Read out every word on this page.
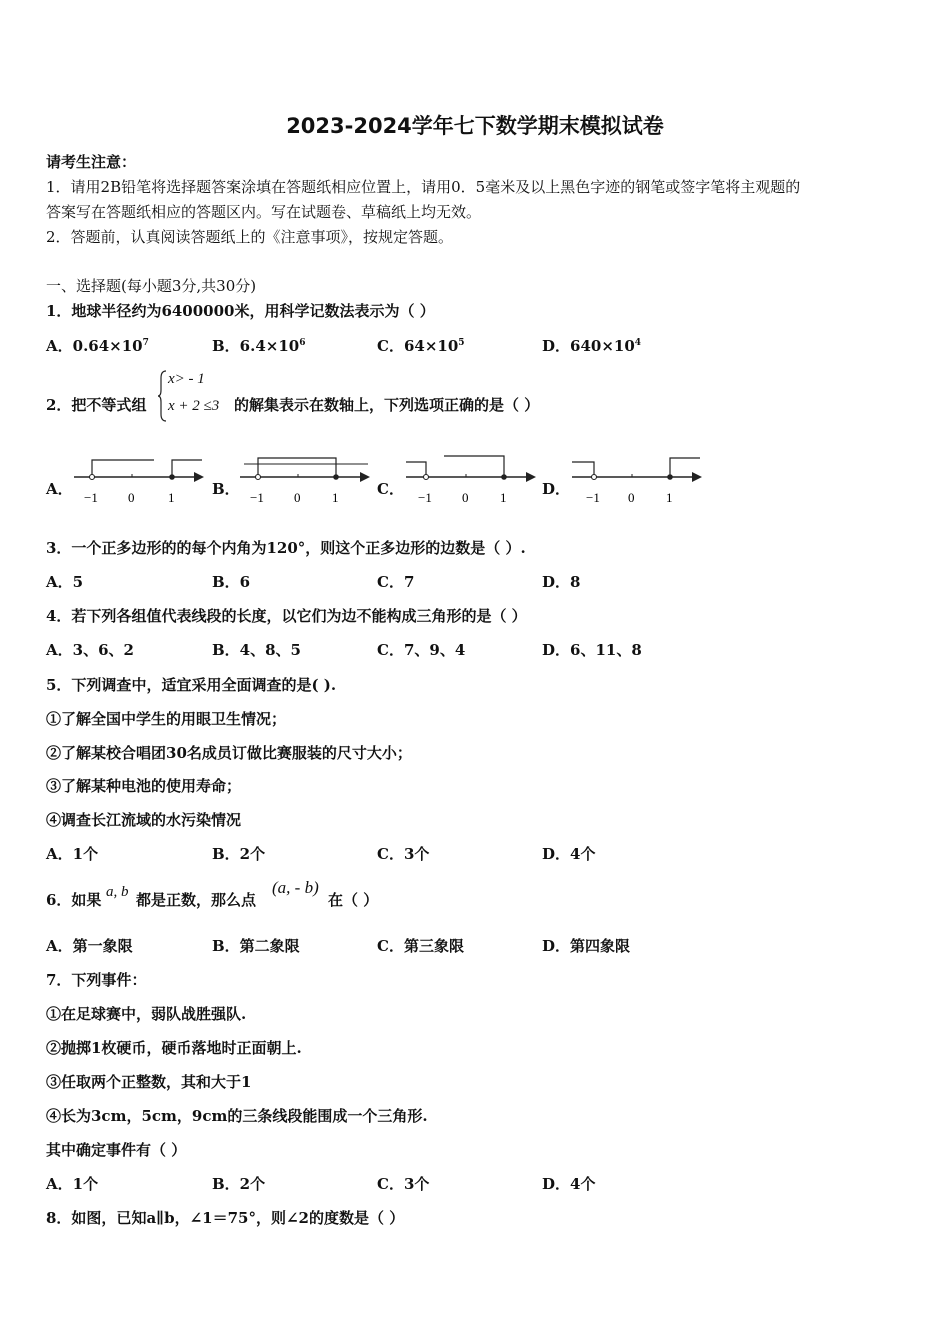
2023-2024学年七下数学期末模拟试卷
请考生注意：
1．请用2B铅笔将选择题答案涂填在答题纸相应位置上，请用0．5毫米及以上黑色字迹的钢笔或签字笔将主观题的
答案写在答题纸相应的答题区内。写在试题卷、草稿纸上均无效。
2．答题前，认真阅读答题纸上的《注意事项》，按规定答题。
一、选择题(每小题3分,共30分)
1．地球半径约为6400000米，用科学记数法表示为（ ）
A．$0.64\times 10^7$	B．$6.4\times 10^6$	C．$64\times 10^5$	D．$640\times 10^4$
2．把不等式组
x> - 1
x + 2 ≤3 的解集表示在数轴上，下列选项正确的是（ ）
A． −1 0	1	B． −1 0 1	C． −1 0 1 D． −1 0 1
3．一个正多边形的的每个内角为120°，则这个正多边形的边数是（ ）.
A．5	B．6	C．7	D．8
4．若下列各组值代表线段的长度，以它们为边不能构成三角形的是（ ）
A．3、6、2	B．4、8、5	C．7、9、4	D．6、11、8
5．下列调查中，适宜采用全面调查的是( ).
①了解全国中学生的用眼卫生情况；
②了解某校合唱团30名成员订做比赛服装的尺寸大小；
③了解某种电池的使用寿命；
④调查长江流域的水污染情况
A．1个	B．2个	C．3个	D．4个
6．如果 a, b 都是正数，那么点
(a, - b)
在（ ）
A．第一象限	B．第二象限	C．第三象限	D．第四象限
7．下列事件：
①在足球赛中，弱队战胜强队.
②抛掷1枚硬币，硬币落地时正面朝上.
③任取两个正整数，其和大于1
④长为3cm，5cm，9cm的三条线段能围成一个三角形.
其中确定事件有（ ）
A．1个	B．2个	C．3个	D．4个
8．如图，已知a∥b，∠1＝75°，则∠2的度数是（ ）
